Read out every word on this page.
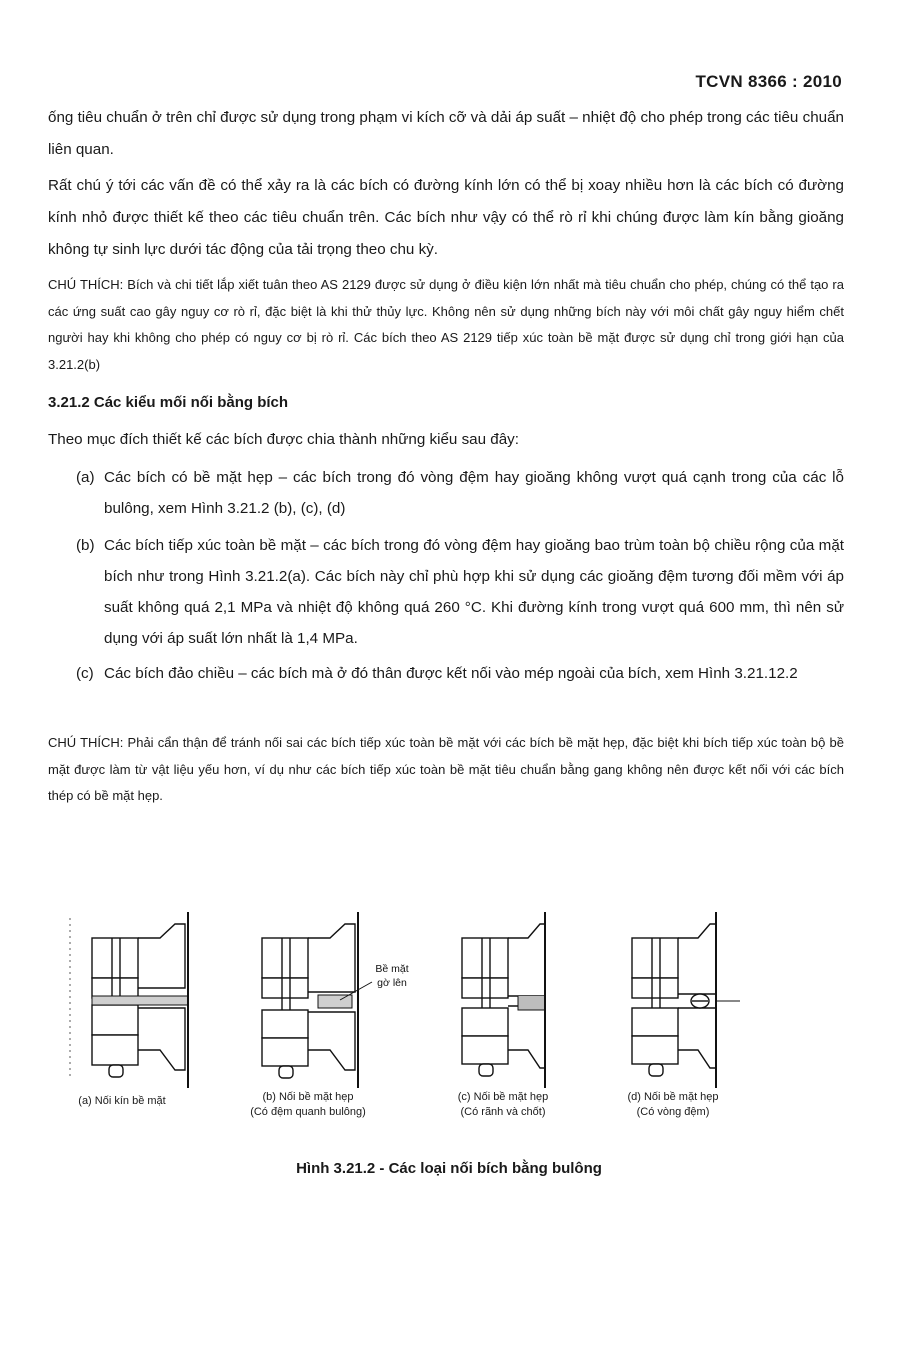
TCVN 8366 : 2010
ống tiêu chuẩn ở trên chỉ được sử dụng trong phạm vi kích cỡ và dải áp suất – nhiệt độ cho phép trong các tiêu chuẩn liên quan.
Rất chú ý tới các vấn đề có thể xảy ra là các bích có đường kính lớn có thể bị xoay nhiều hơn là các bích có đường kính nhỏ được thiết kế theo các tiêu chuẩn trên. Các bích như vậy có thể rò rỉ khi chúng được làm kín bằng gioăng không tự sinh lực dưới tác động của tải trọng theo chu kỳ.
CHÚ THÍCH: Bích và chi tiết lắp xiết tuân theo AS 2129 được sử dụng ở điều kiện lớn nhất mà tiêu chuẩn cho phép, chúng có thể tạo ra các ứng suất cao gây nguy cơ rò rỉ, đặc biệt là khi thử thủy lực. Không nên sử dụng những bích này với môi chất gây nguy hiểm chết người hay khi không cho phép có nguy cơ bị rò rỉ. Các bích theo AS 2129 tiếp xúc toàn bề mặt được sử dụng chỉ trong giới hạn của 3.21.2(b)
3.21.2 Các kiểu mối nối bằng bích
Theo mục đích thiết kế các bích được chia thành những kiểu sau đây:
(a) Các bích có bề mặt hẹp – các bích trong đó vòng đệm hay gioăng không vượt quá cạnh trong của các lỗ bulông, xem Hình 3.21.2 (b), (c), (d)
(b) Các bích tiếp xúc toàn bề mặt – các bích trong đó vòng đệm hay gioăng bao trùm toàn bộ chiều rộng của mặt bích như trong Hình 3.21.2(a). Các bích này chỉ phù hợp khi sử dụng các gioăng đệm tương đối mềm với áp suất không quá 2,1 MPa và nhiệt độ không quá 260 °C. Khi đường kính trong vượt quá 600 mm, thì nên sử dụng với áp suất lớn nhất là 1,4 MPa.
(c) Các bích đảo chiều – các bích mà ở đó thân được kết nối vào mép ngoài của bích, xem Hình 3.21.12.2
CHÚ THÍCH: Phải cẩn thận để tránh nối sai các bích tiếp xúc toàn bề mặt với các bích bề mặt hẹp, đặc biệt khi bích tiếp xúc toàn bộ bề mặt được làm từ vật liệu yếu hơn, ví dụ như các bích tiếp xúc toàn bề mặt tiêu chuẩn bằng gang không nên được kết nối với các bích thép có bề mặt hẹp.
Bề mặt
gờ lên
(a) Nối kín bề mặt	(b) Nối bề mặt hẹp
(Có đệm quanh bulông)
(c) Nối bề mặt hẹp
(Có rãnh và chốt)
(d) Nối bề mặt hẹp
(Có vòng đệm)
Hình 3.21.2 - Các loại nối bích bằng bulông
